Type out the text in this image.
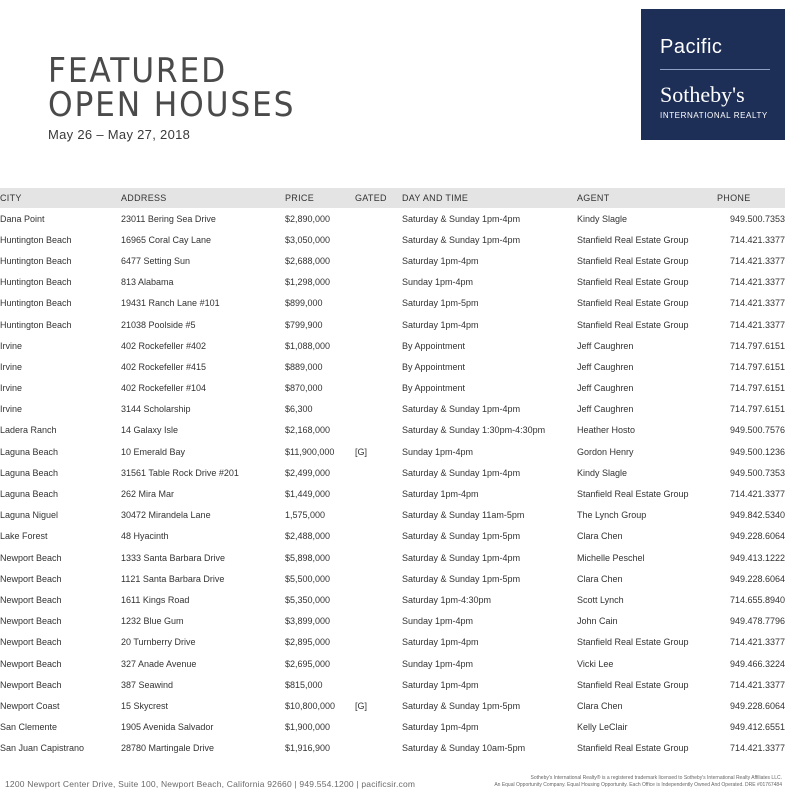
FEATURED
OPEN HOUSES
May 26 – May 27, 2018
Pacific
Sotheby's
INTERNATIONAL REALTY
CITY	ADDRESS	PRICE	GATED	DAY AND TIME	AGENT	PHONE
Dana Point	23011 Bering Sea Drive	$2,890,000		Saturday & Sunday 1pm-4pm	Kindy Slagle	949.500.7353
Huntington Beach	16965 Coral Cay Lane	$3,050,000		Saturday & Sunday 1pm-4pm	Stanfield Real Estate Group	714.421.3377
Huntington Beach	6477 Setting Sun	$2,688,000		Saturday 1pm-4pm	Stanfield Real Estate Group	714.421.3377
Huntington Beach	813 Alabama	$1,298,000		Sunday 1pm-4pm	Stanfield Real Estate Group	714.421.3377
Huntington Beach	19431 Ranch Lane #101	$899,000		Saturday 1pm-5pm	Stanfield Real Estate Group	714.421.3377
Huntington Beach	21038 Poolside #5	$799,900		Saturday 1pm-4pm	Stanfield Real Estate Group	714.421.3377
Irvine	402 Rockefeller #402	$1,088,000		By Appointment	Jeff Caughren	714.797.6151
Irvine	402 Rockefeller #415	$889,000		By Appointment	Jeff Caughren	714.797.6151
Irvine	402 Rockefeller #104	$870,000		By Appointment	Jeff Caughren	714.797.6151
Irvine	3144 Scholarship	$6,300		Saturday & Sunday 1pm-4pm	Jeff Caughren	714.797.6151
Ladera Ranch	14 Galaxy Isle	$2,168,000		Saturday & Sunday 1:30pm-4:30pm	Heather Hosto	949.500.7576
Laguna Beach	10 Emerald Bay	$11,900,000	[G]	Sunday 1pm-4pm	Gordon Henry	949.500.1236
Laguna Beach	31561 Table Rock Drive #201	$2,499,000		Saturday & Sunday 1pm-4pm	Kindy Slagle	949.500.7353
Laguna Beach	262 Mira Mar	$1,449,000		Saturday 1pm-4pm	Stanfield Real Estate Group	714.421.3377
Laguna Niguel	30472 Mirandela Lane	1,575,000		Saturday & Sunday 11am-5pm	The Lynch Group	949.842.5340
Lake Forest	48 Hyacinth	$2,488,000		Saturday & Sunday 1pm-5pm	Clara Chen	949.228.6064
Newport Beach	1333 Santa Barbara Drive	$5,898,000		Saturday & Sunday 1pm-4pm	Michelle Peschel	949.413.1222
Newport Beach	1121 Santa Barbara Drive	$5,500,000		Saturday & Sunday 1pm-5pm	Clara Chen	949.228.6064
Newport Beach	1611 Kings Road	$5,350,000		Saturday 1pm-4:30pm	Scott Lynch	714.655.8940
Newport Beach	1232 Blue Gum	$3,899,000		Sunday 1pm-4pm	John Cain	949.478.7796
Newport Beach	20 Turnberry Drive	$2,895,000		Saturday 1pm-4pm	Stanfield Real Estate Group	714.421.3377
Newport Beach	327 Anade Avenue	$2,695,000		Sunday 1pm-4pm	Vicki Lee	949.466.3224
Newport Beach	387 Seawind	$815,000		Saturday 1pm-4pm	Stanfield Real Estate Group	714.421.3377
Newport Coast	15 Skycrest	$10,800,000	[G]	Saturday & Sunday 1pm-5pm	Clara Chen	949.228.6064
San Clemente	1905 Avenida Salvador	$1,900,000		Saturday 1pm-4pm	Kelly LeClair	949.412.6551
San Juan Capistrano	28780 Martingale Drive	$1,916,900		Saturday & Sunday 10am-5pm	Stanfield Real Estate Group	714.421.3377
1200 Newport Center Drive, Suite 100, Newport Beach, California 92660 | 949.554.1200 | pacificsir.com
Sotheby's International Realty® is a registered trademark licensed to Sotheby's International Realty Affiliates LLC.
An Equal Opportunity Company. Equal Housing Opportunity. Each Office is Independently Owned And Operated. DRE #01767484
